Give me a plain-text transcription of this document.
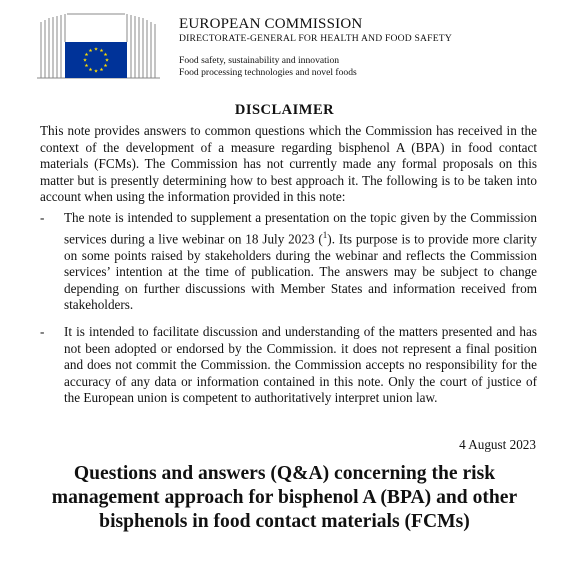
EUROPEAN COMMISSION
DIRECTORATE-GENERAL FOR HEALTH AND FOOD SAFETY
Food safety, sustainability and innovation
Food processing technologies and novel foods
DISCLAIMER

This note provides answers to common questions which the Commission has received in the context of the development of a measure regarding bisphenol A (BPA) in food contact materials (FCMs). The Commission has not currently made any formal proposals on this matter but is presently determining how to best approach it. The following is to be taken into account when using the information provided in this note:

- The note is intended to supplement a presentation on the topic given by the Commission services during a live webinar on 18 July 2023 ($^1$). Its purpose is to provide more clarity on some points raised by stakeholders during the webinar and reflects the Commission services’ intention at the time of publication. The answers may be subject to change depending on further discussions with Member States and information received from stakeholders.
- It is intended to facilitate discussion and understanding of the matters presented and has not been adopted or endorsed by the Commission. it does not represent a final position and does not commit the Commission. the Commission accepts no responsibility for the accuracy of any data or information contained in this note. Only the court of justice of the European union is competent to authoritatively interpret union law.
4 August 2023
Questions and answers (Q&A) concerning the risk management approach for bisphenol A (BPA) and other bisphenols in food contact materials (FCMs)
